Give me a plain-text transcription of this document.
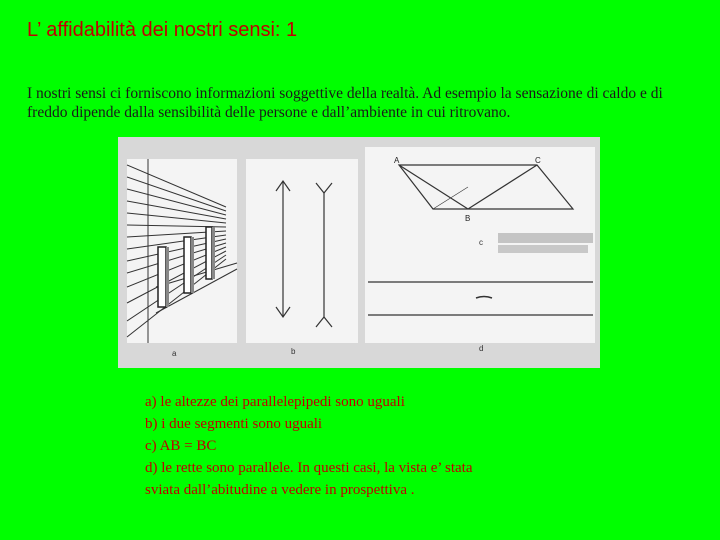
L’ affidabilità dei nostri sensi: 1
I nostri sensi ci forniscono informazioni soggettive della realtà. Ad esempio la sensazione di caldo e di freddo dipende dalla sensibilità delle persone e dall’ambiente in cui ritrovano.
a	b
c
d
A	C
B
a) le altezze dei parallelepipedi sono uguali
b) i due segmenti sono uguali
c) AB = BC
d) le rette sono parallele. In questi casi, la vista e’ stata
sviata dall’abitudine a vedere in prospettiva .
